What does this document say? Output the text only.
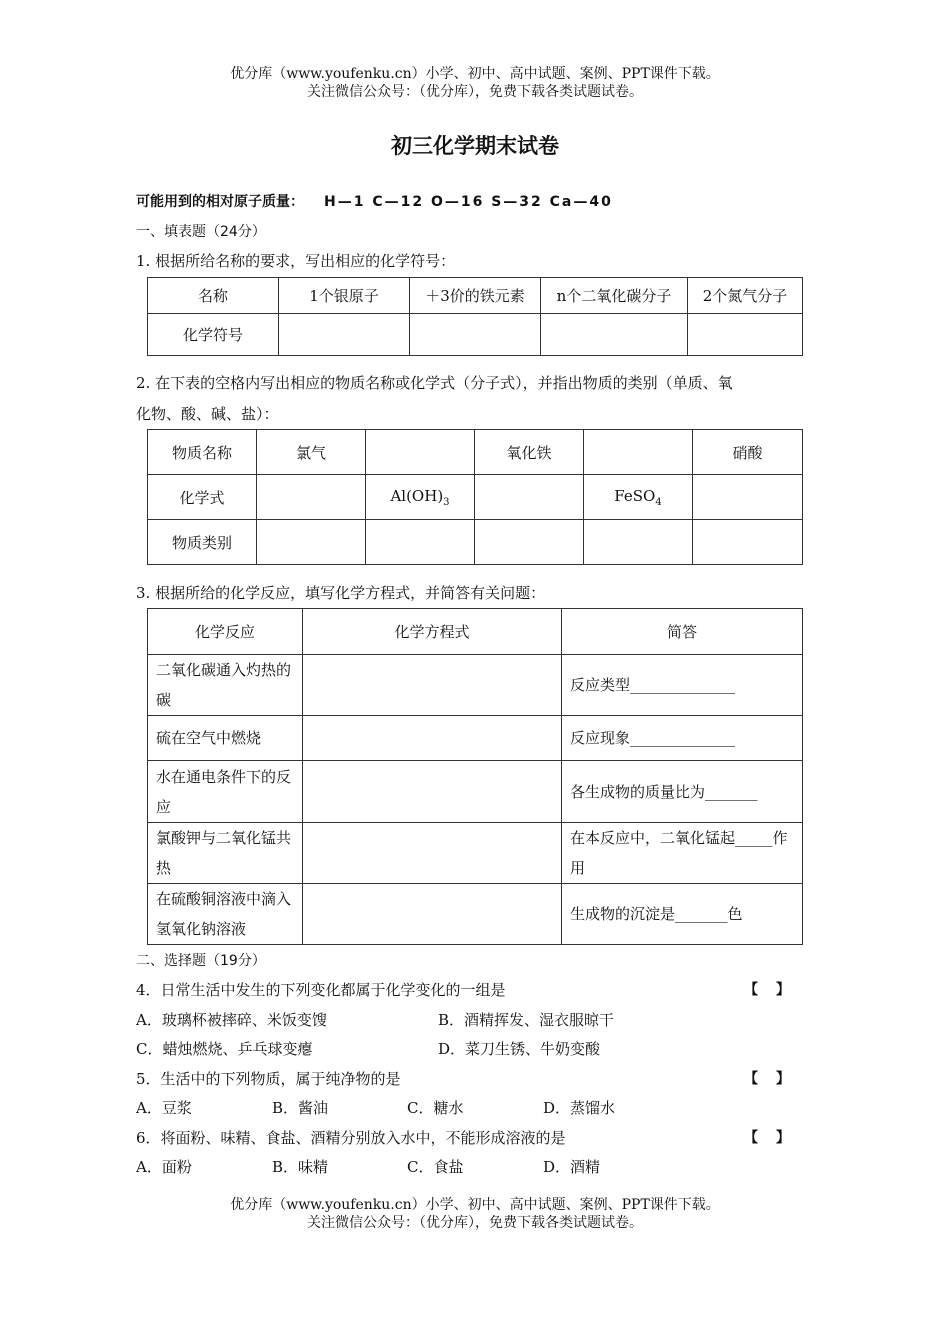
优分库（www.youfenku.cn）小学、初中、高中试题、案例、PPT课件下载。
关注微信公众号：（优分库），免费下载各类试题试卷。
初三化学期末试卷
可能用到的相对原子质量： H—1 C—12 O—16 S—32 Ca—40
一、填表题（24分）
1. 根据所给名称的要求，写出相应的化学符号：
名称	1个银原子	＋3价的铁元素	n个二氧化碳分子	2个氮气分子
化学符号				
2. 在下表的空格内写出相应的物质名称或化学式（分子式），并指出物质的类别（单质、氧
化物、酸、碱、盐）：
物质名称	氯气		氧化铁		硝酸
化学式		$Al(OH)_3$		FeSO$_4$	
物质类别					
3. 根据所给的化学反应，填写化学方程式，并简答有关问题：
化学反应	化学方程式	简答
二氧化碳通入灼热的碳		反应类型______________
硫在空气中燃烧		反应现象______________
水在通电条件下的反应		各生成物的质量比为_______
氯酸钾与二氧化锰共热		在本反应中，二氧化锰起_____作用
在硫酸铜溶液中滴入氢氧化钠溶液		生成物的沉淀是_______色
二、选择题（19分）
4．日常生活中发生的下列变化都属于化学变化的一组是	【　】
A．玻璃杯被摔碎、米饭变馊	B．酒精挥发、湿衣服晾干
C．蜡烛燃烧、乒乓球变瘪	D．菜刀生锈、牛奶变酸
5．生活中的下列物质，属于纯净物的是	【　】
A．豆浆	B．酱油	C．糖水	D．蒸馏水
6．将面粉、味精、食盐、酒精分别放入水中，不能形成溶液的是	【　】
A．面粉	B．味精	C．食盐	D．酒精
优分库（www.youfenku.cn）小学、初中、高中试题、案例、PPT课件下载。
关注微信公众号：（优分库），免费下载各类试题试卷。
